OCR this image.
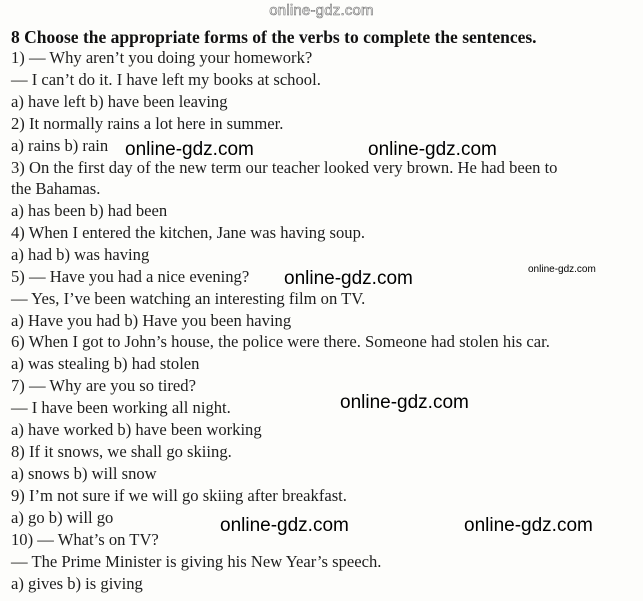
online-gdz.com
8 Choose the appropriate forms of the verbs to complete the sentences.
1) — Why aren’t you doing your homework?
— I can’t do it. I have left my books at school.
a) have left b) have been leaving
2) It normally rains a lot here in summer.
a) rains b) rain
3) On the first day of the new term our teacher looked very brown. He had been to
the Bahamas.
a) has been b) had been
4) When I entered the kitchen, Jane was having soup.
a) had b) was having
5) — Have you had a nice evening?
— Yes, I’ve been watching an interesting film on TV.
a) Have you had b) Have you been having
6) When I got to John’s house, the police were there. Someone had stolen his car.
a) was stealing b) had stolen
7) — Why are you so tired?
— I have been working all night.
a) have worked b) have been working
8) If it snows, we shall go skiing.
a) snows b) will snow
9) I’m not sure if we will go skiing after breakfast.
a) go b) will go
10) — What’s on TV?
— The Prime Minister is giving his New Year’s speech.
a) gives b) is giving
online-gdz.com	online-gdz.com
online-gdz.com	online-gdz.com
online-gdz.com
online-gdz.com	online-gdz.com
